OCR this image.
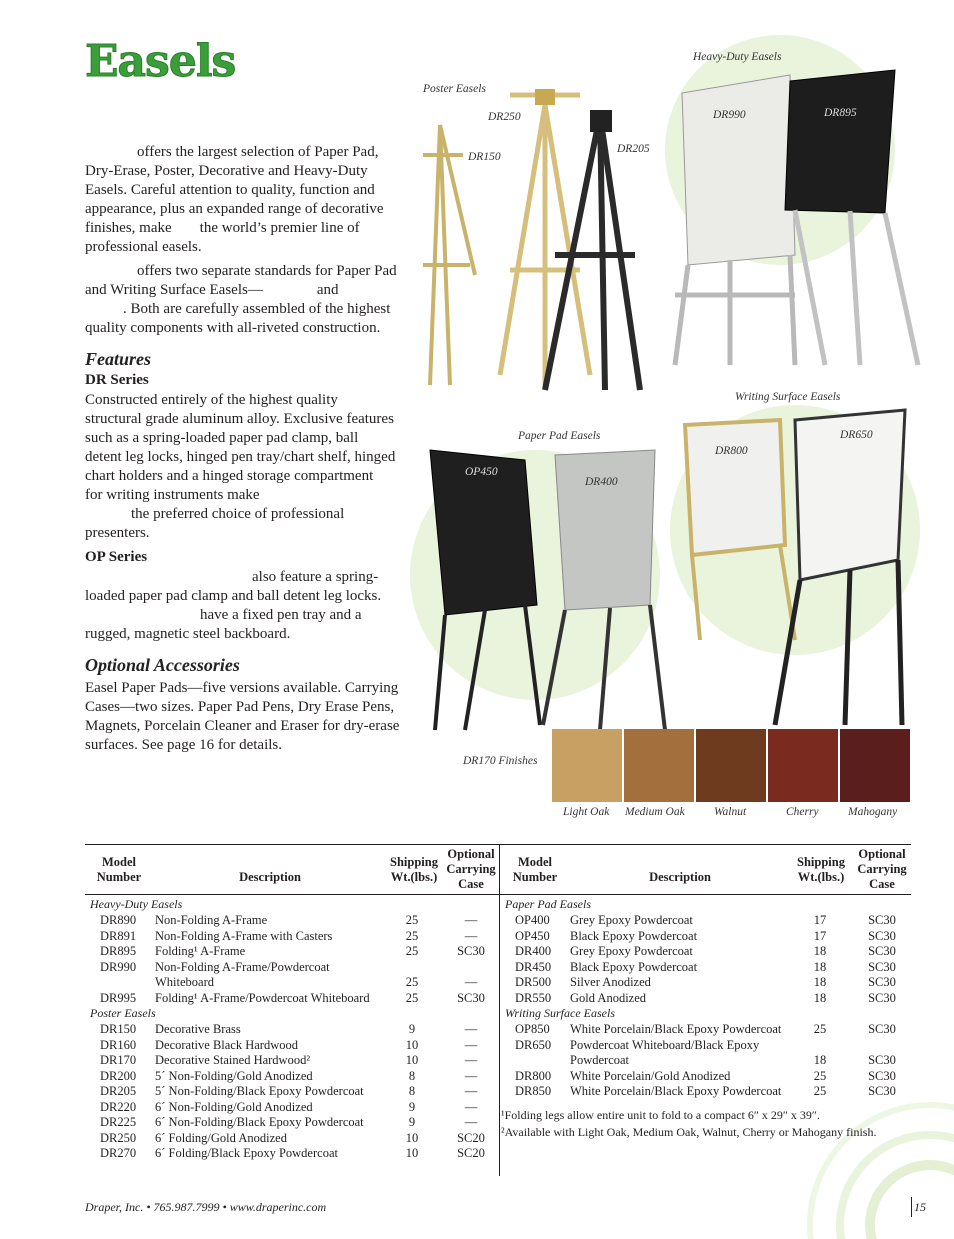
Easels
offers the largest selection of Paper Pad,
Dry-Erase, Poster, Decorative and Heavy-Duty
Easels. Careful attention to quality, function and
appearance, plus an expanded range of decorative
finishes, make the world’s premier line of
professional easels.
offers two separate standards for Paper Pad
and Writing Surface Easels—	and
. Both are carefully assembled of the highest
quality components with all-riveted construction.
Features
DR Series
Constructed entirely of the highest quality
structural grade aluminum alloy. Exclusive features
such as a spring-loaded paper pad clamp, ball
detent leg locks, hinged pen tray/chart shelf, hinged
chart holders and a hinged storage compartment
for writing instruments make
the preferred choice of professional
presenters.
OP Series
also feature a spring-
loaded paper pad clamp and ball detent leg locks.
have a fixed pen tray and a
rugged, magnetic steel backboard.
Optional Accessories
Easel Paper Pads—five versions available. Carrying
Cases—two sizes. Paper Pad Pens, Dry Erase Pens,
Magnets, Porcelain Cleaner and Eraser for dry-erase
surfaces. See page 16 for details.
Poster Easels
DR250
DR150
DR205
Heavy-Duty Easels
DR990	DR895
Paper Pad Easels
OP450
DR400
Writing Surface Easels
DR800
DR650
DR170 Finishes
Light Oak Medium Oak	Walnut	Cherry	Mahogany
Model
Number	Description
Shipping
Wt.(lbs.)
Optional
Carrying
Case
Model
Number	Description
Shipping
Wt.(lbs.)
Optional
Carrying
Case
Heavy-Duty Easels
DR890	Non-Folding A-Frame	25	—
DR891	Non-Folding A-Frame with Casters	25	—
DR895	Folding¹ A-Frame	25	SC30
DR990	Non-Folding A-Frame/Powdercoat
Whiteboard	25	—
DR995	Folding¹ A-Frame/Powdercoat Whiteboard	25	SC30
Poster Easels
DR150	Decorative Brass	9	—
DR160	Decorative Black Hardwood	10	—
DR170	Decorative Stained Hardwood²	10	—
DR200	5´ Non-Folding/Gold Anodized	8	—
DR205	5´ Non-Folding/Black Epoxy Powdercoat	8	—
DR220	6´ Non-Folding/Gold Anodized	9	—
DR225	6´ Non-Folding/Black Epoxy Powdercoat	9	—
DR250	6´ Folding/Gold Anodized	10	SC20
DR270	6´ Folding/Black Epoxy Powdercoat	10	SC20
Paper Pad Easels
OP400	Grey Epoxy Powdercoat	17	SC30
OP450	Black Epoxy Powdercoat	17	SC30
DR400	Grey Epoxy Powdercoat	18	SC30
DR450	Black Epoxy Powdercoat	18	SC30
DR500	Silver Anodized	18	SC30
DR550	Gold Anodized	18	SC30
Writing Surface Easels
OP850	White Porcelain/Black Epoxy Powdercoat	25	SC30
DR650	Powdercoat Whiteboard/Black Epoxy
Powdercoat	18	SC30
DR800	White Porcelain/Gold Anodized	25	SC30
DR850	White Porcelain/Black Epoxy Powdercoat	25	SC30
¹Folding legs allow entire unit to fold to a compact 6″ x 29″ x 39″.
²Available with Light Oak, Medium Oak, Walnut, Cherry or Mahogany finish.
Draper, Inc. • 765.987.7999 • www.draperinc.com	15
